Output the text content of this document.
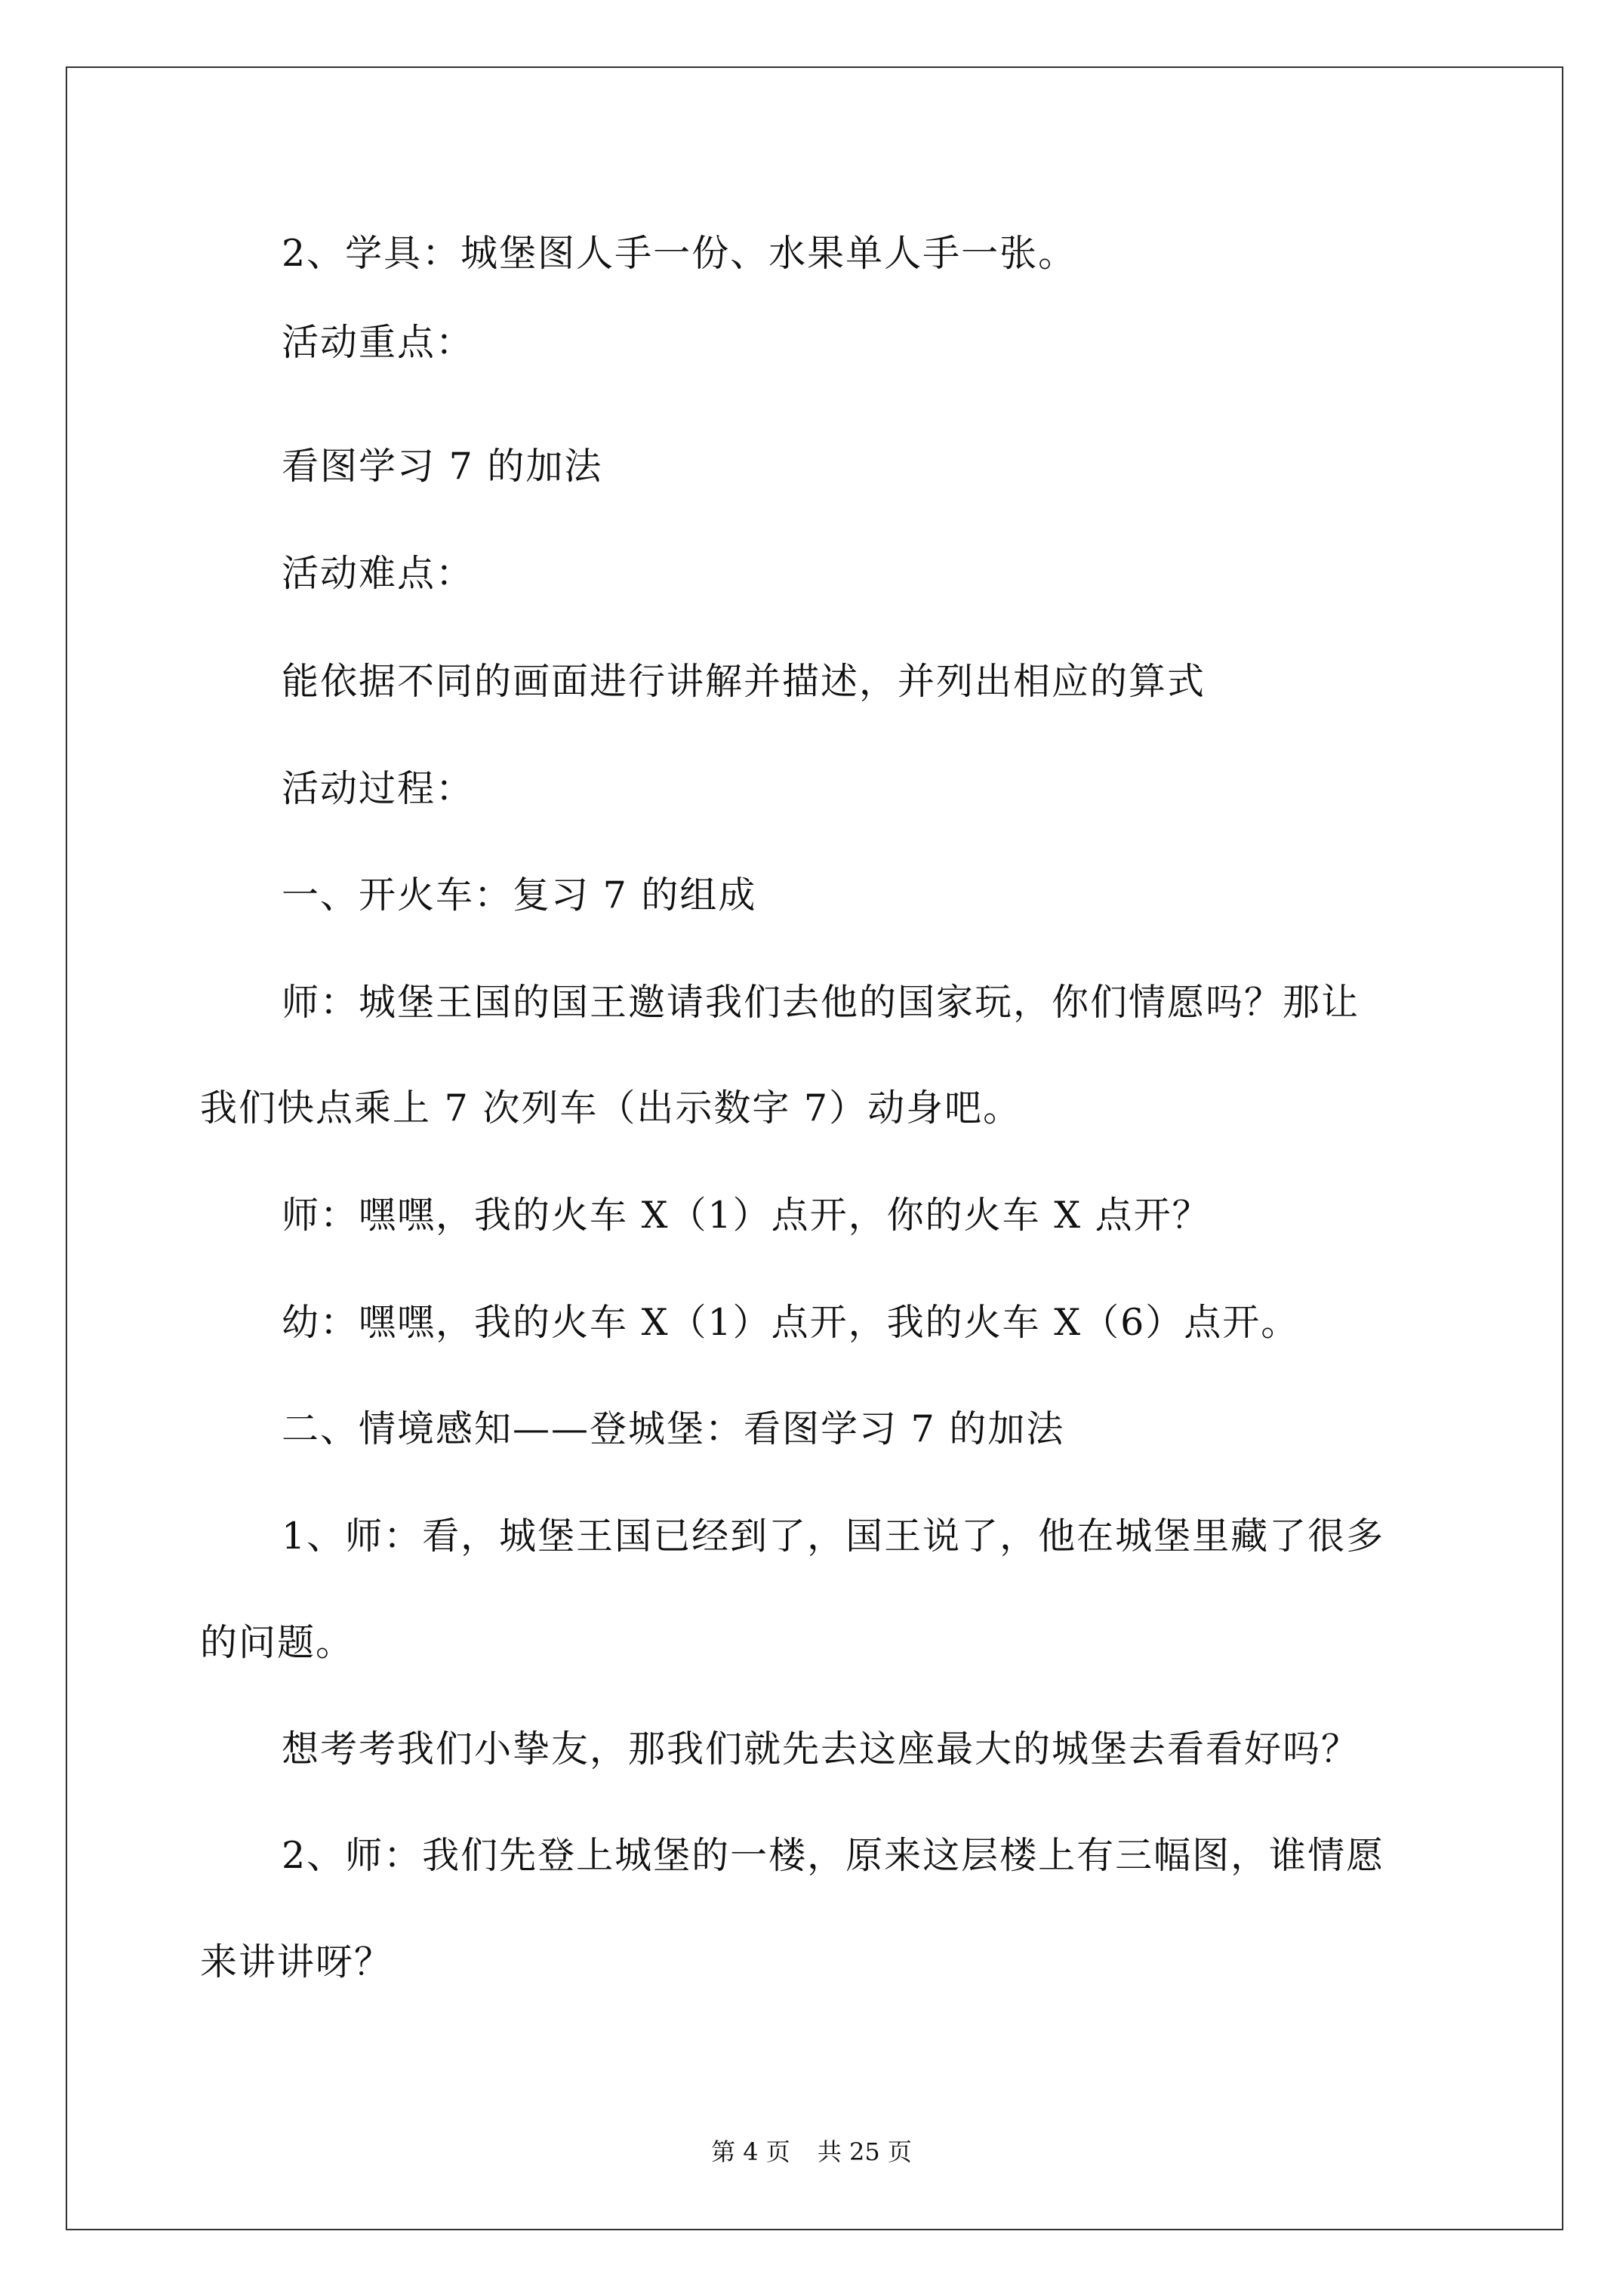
2、学具：城堡图人手一份、水果单人手一张。
活动重点：
看图学习 7 的加法
活动难点：
能依据不同的画面进行讲解并描述，并列出相应的算式
活动过程：
一、开火车：复习 7 的组成
师：城堡王国的国王邀请我们去他的国家玩，你们情愿吗？那让
我们快点乘上 7 次列车（出示数字 7）动身吧。
师：嘿嘿，我的火车 X（1）点开，你的火车 X 点开？
幼：嘿嘿，我的火车 X（1）点开，我的火车 X（6）点开。
二、情境感知——登城堡：看图学习 7 的加法
1、师：看，城堡王国已经到了，国王说了，他在城堡里藏了很多
的问题。
想考考我们小挚友，那我们就先去这座最大的城堡去看看好吗？
2、师：我们先登上城堡的一楼，原来这层楼上有三幅图，谁情愿
来讲讲呀？
第 4 页 共 25 页
